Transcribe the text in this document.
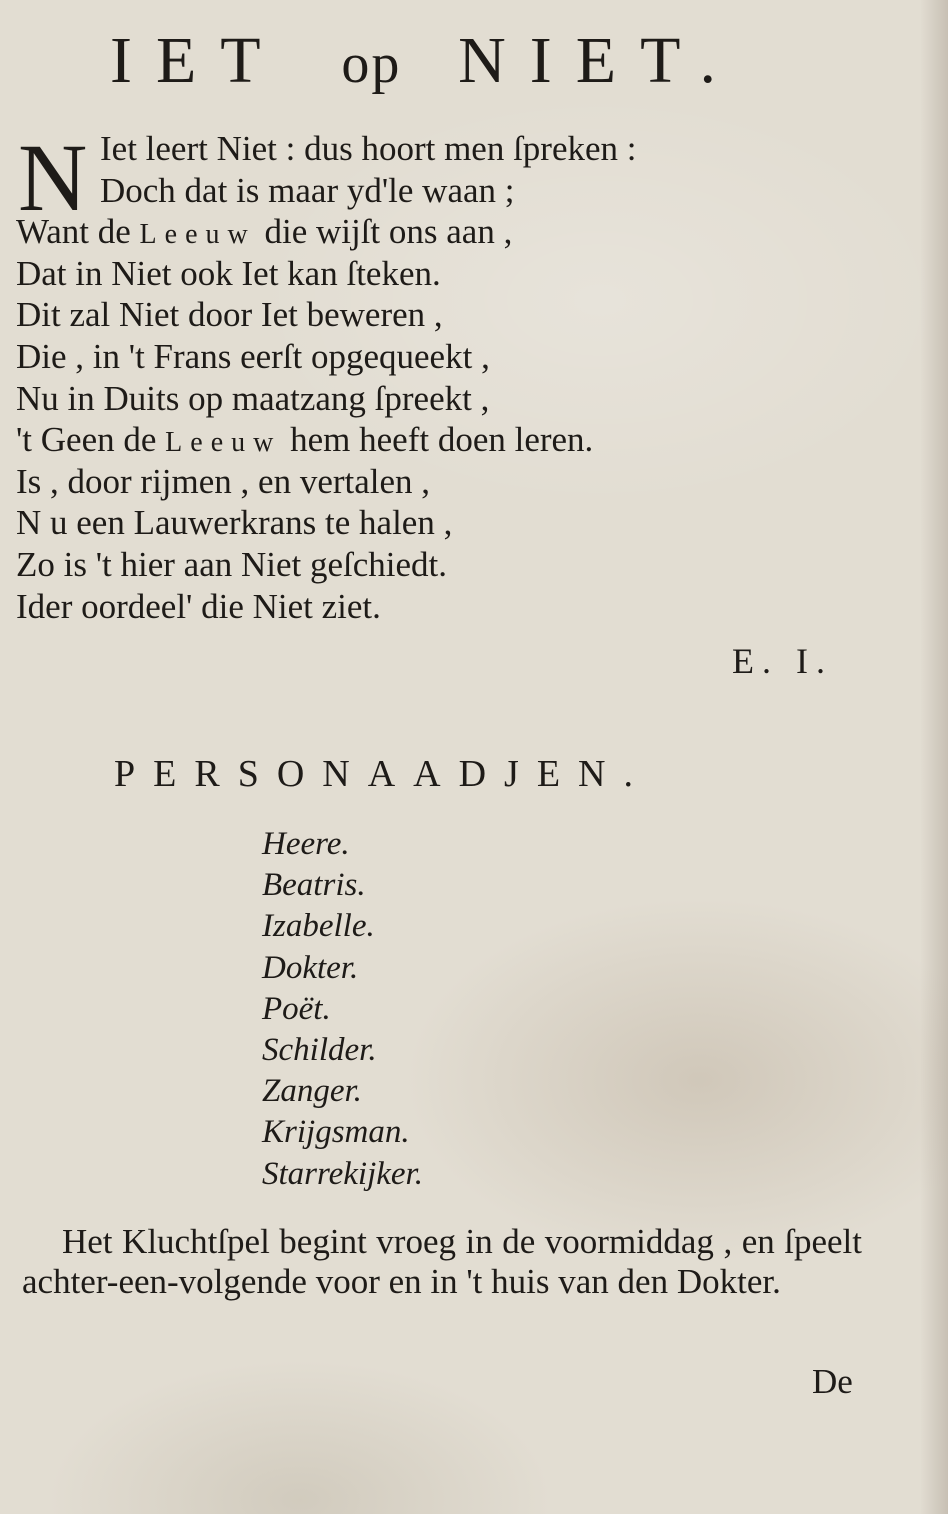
IET op NIET.
N Iet leert Niet : dus hoort men ſpreken :
Doch dat is maar yd'le waan ;
Want de Leeuw die wijſt ons aan ,
Dat in Niet ook Iet kan ſteken.
Dit zal Niet door Iet beweren ,
Die , in 't Frans eerſt opgequeekt ,
Nu in Duits op maatzang ſpreekt ,
't Geen de Leeuw hem heeft doen leren.
Is , door rijmen , en vertalen ,
N u een Lauwerkrans te halen ,
Zo is 't hier aan Niet geſchiedt.
Ider oordeel' die Niet ziet.
E. I.
PERSONAADJEN.
Heere.
Beatris.
Izabelle.
Dokter.
Poët.
Schilder.
Zanger.
Krijgsman.
Starrekijker.
Het Kluchtſpel begint vroeg in de voormiddag , en ſpeelt achter-een-volgende voor en in 't huis van den Dokter.
De
